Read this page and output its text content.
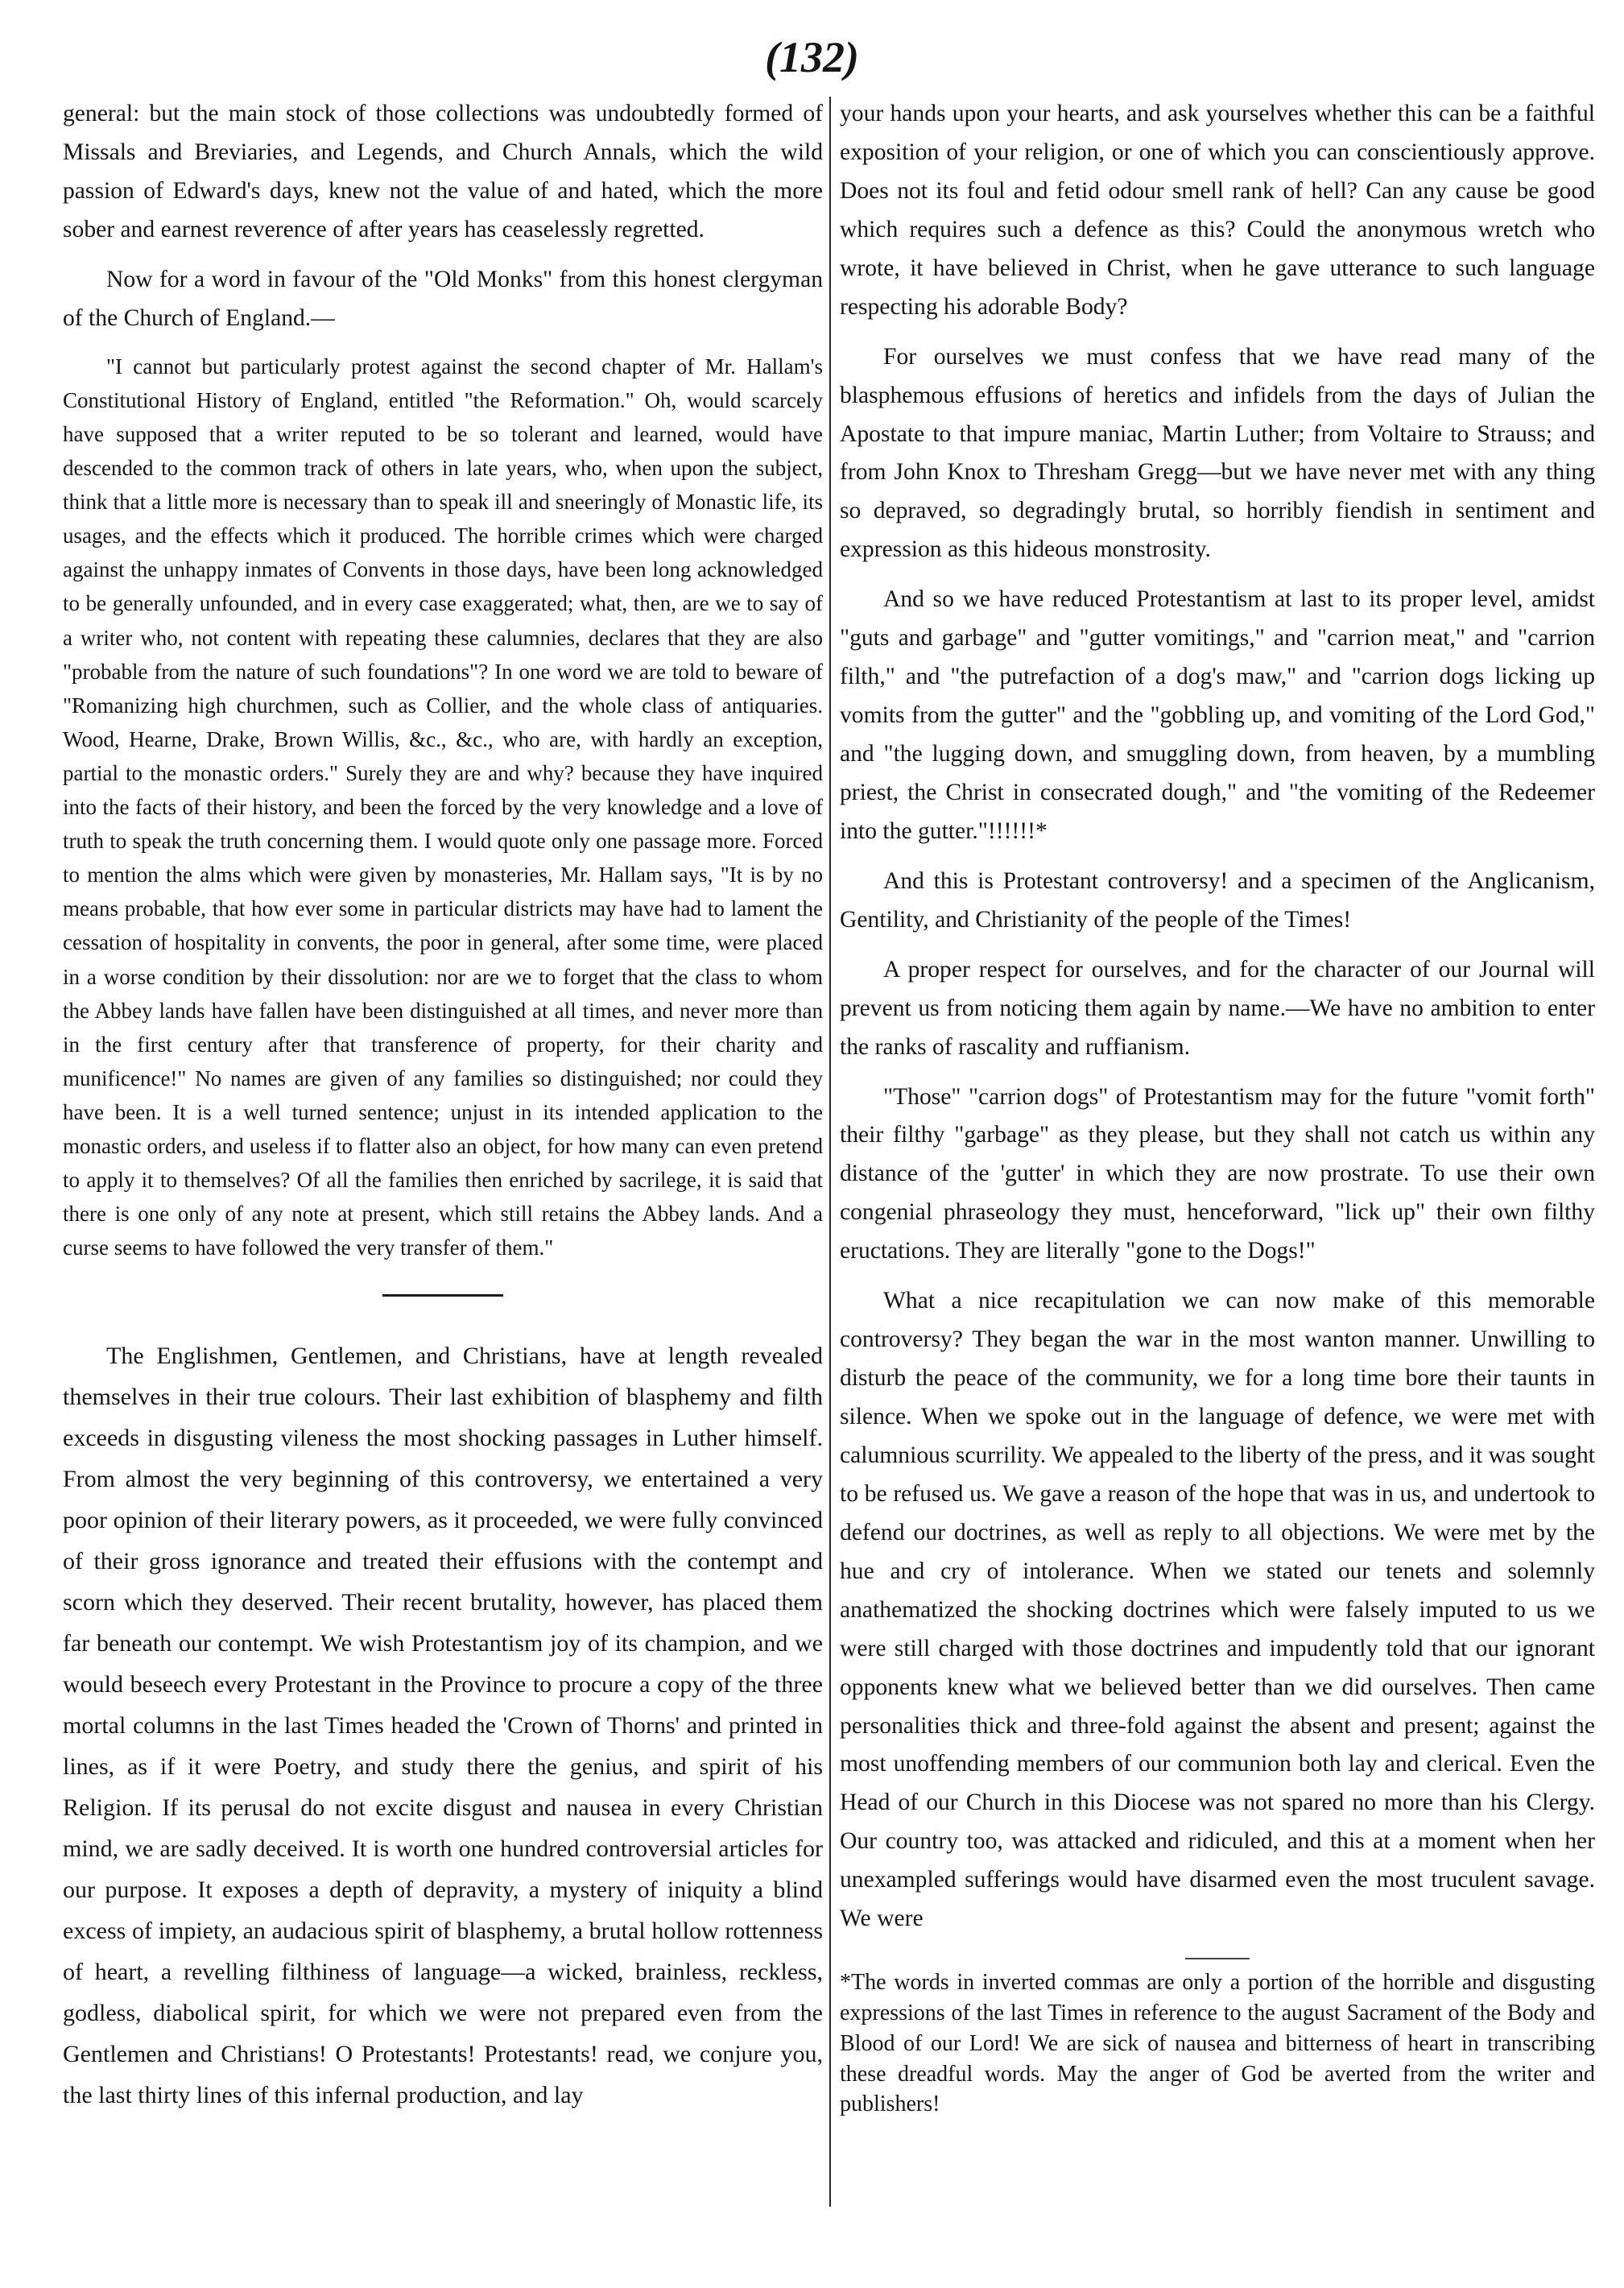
(132)

general: but the main stock of those collections was undoubtedly formed of Missals and Breviaries, and Legends, and Church Annals, which the wild passion of Edward's days, knew not the value of and hated, which the more sober and earnest reverence of after years has ceaselessly regretted.

Now for a word in favour of the "Old Monks" from this honest clergyman of the Church of England.—

"I cannot but particularly protest against the second chapter of Mr. Hallam's Constitutional History of England, entitled "the Reformation." Oh, would scarcely have supposed that a writer reputed to be so tolerant and learned, would have descended to the common track of others in late years, who, when upon the subject, think that a little more is necessary than to speak ill and sneeringly of Monastic life, its usages, and the effects which it produced. The horrible crimes which were charged against the unhappy inmates of Convents in those days, have been long acknowledged to be generally unfounded, and in every case exaggerated; what, then, are we to say of a writer who, not content with repeating these calumnies, declares that they are also "probable from the nature of such foundations"? In one word we are told to beware of "Romanizing high churchmen, such as Collier, and the whole class of antiquaries. Wood, Hearne, Drake, Brown Willis, &c., &c., who are, with hardly an exception, partial to the monastic orders." Surely they are and why? because they have inquired into the facts of their history, and been the forced by the very knowledge and a love of truth to speak the truth concerning them. I would quote only one passage more. Forced to mention the alms which were given by monasteries, Mr. Hallam says, "It is by no means probable, that how ever some in particular districts may have had to lament the cessation of hospitality in convents, the poor in general, after some time, were placed in a worse condition by their dissolution: nor are we to forget that the class to whom the Abbey lands have fallen have been distinguished at all times, and never more than in the first century after that transference of property, for their charity and munificence!" No names are given of any families so distinguished; nor could they have been. It is a well turned sentence; unjust in its intended application to the monastic orders, and useless if to flatter also an object, for how many can even pretend to apply it to themselves? Of all the families then enriched by sacrilege, it is said that there is one only of any note at present, which still retains the Abbey lands. And a curse seems to have followed the very transfer of them."

The Englishmen, Gentlemen, and Christians, have at length revealed themselves in their true colours. Their last exhibition of blasphemy and filth exceeds in disgusting vileness the most shocking passages in Luther himself. From almost the very beginning of this controversy, we entertained a very poor opinion of their literary powers, as it proceeded, we were fully convinced of their gross ignorance and treated their effusions with the contempt and scorn which they deserved. Their recent brutality, however, has placed them far beneath our contempt. We wish Protestantism joy of its champion, and we would beseech every Protestant in the Province to procure a copy of the three mortal columns in the last Times headed the 'Crown of Thorns' and printed in lines, as if it were Poetry, and study there the genius, and spirit of his Religion. If its perusal do not excite disgust and nausea in every Christian mind, we are sadly deceived. It is worth one hundred controversial articles for our purpose. It exposes a depth of depravity, a mystery of iniquity a blind excess of impiety, an audacious spirit of blasphemy, a brutal hollow rottenness of heart, a revelling filthiness of language—a wicked, brainless, reckless, godless, diabolical spirit, for which we were not prepared even from the Gentlemen and Christians! O Protestants! Protestants! read, we conjure you, the last thirty lines of this infernal production, and lay

your hands upon your hearts, and ask yourselves whether this can be a faithful exposition of your religion, or one of which you can conscientiously approve. Does not its foul and fetid odour smell rank of hell? Can any cause be good which requires such a defence as this? Could the anonymous wretch who wrote, it have believed in Christ, when he gave utterance to such language respecting his adorable Body?

For ourselves we must confess that we have read many of the blasphemous effusions of heretics and infidels from the days of Julian the Apostate to that impure maniac, Martin Luther; from Voltaire to Strauss; and from John Knox to Thresham Gregg—but we have never met with any thing so depraved, so degradingly brutal, so horribly fiendish in sentiment and expression as this hideous monstrosity.

And so we have reduced Protestantism at last to its proper level, amidst "guts and garbage" and "gutter vomitings," and "carrion meat," and "carrion filth," and "the putrefaction of a dog's maw," and "carrion dogs licking up vomits from the gutter" and the "gobbling up, and vomiting of the Lord God," and "the lugging down, and smuggling down, from heaven, by a mumbling priest, the Christ in consecrated dough," and "the vomiting of the Redeemer into the gutter."!!!!!!*

And this is Protestant controversy! and a specimen of the Anglicanism, Gentility, and Christianity of the people of the Times!

A proper respect for ourselves, and for the character of our Journal will prevent us from noticing them again by name.—We have no ambition to enter the ranks of rascality and ruffianism.

"Those" "carrion dogs" of Protestantism may for the future "vomit forth" their filthy "garbage" as they please, but they shall not catch us within any distance of the 'gutter' in which they are now prostrate. To use their own congenial phraseology they must, henceforward, "lick up" their own filthy eructations. They are literally "gone to the Dogs!"

What a nice recapitulation we can now make of this memorable controversy? They began the war in the most wanton manner. Unwilling to disturb the peace of the community, we for a long time bore their taunts in silence. When we spoke out in the language of defence, we were met with calumnious scurrility. We appealed to the liberty of the press, and it was sought to be refused us. We gave a reason of the hope that was in us, and undertook to defend our doctrines, as well as reply to all objections. We were met by the hue and cry of intolerance. When we stated our tenets and solemnly anathematized the shocking doctrines which were falsely imputed to us we were still charged with those doctrines and impudently told that our ignorant opponents knew what we believed better than we did ourselves. Then came personalities thick and three-fold against the absent and present; against the most unoffending members of our communion both lay and clerical. Even the Head of our Church in this Diocese was not spared no more than his Clergy. Our country too, was attacked and ridiculed, and this at a moment when her unexampled sufferings would have disarmed even the most truculent savage. We were

*The words in inverted commas are only a portion of the horrible and disgusting expressions of the last Times in reference to the august Sacrament of the Body and Blood of our Lord! We are sick of nausea and bitterness of heart in transcribing these dreadful words. May the anger of God be averted from the writer and publishers!
